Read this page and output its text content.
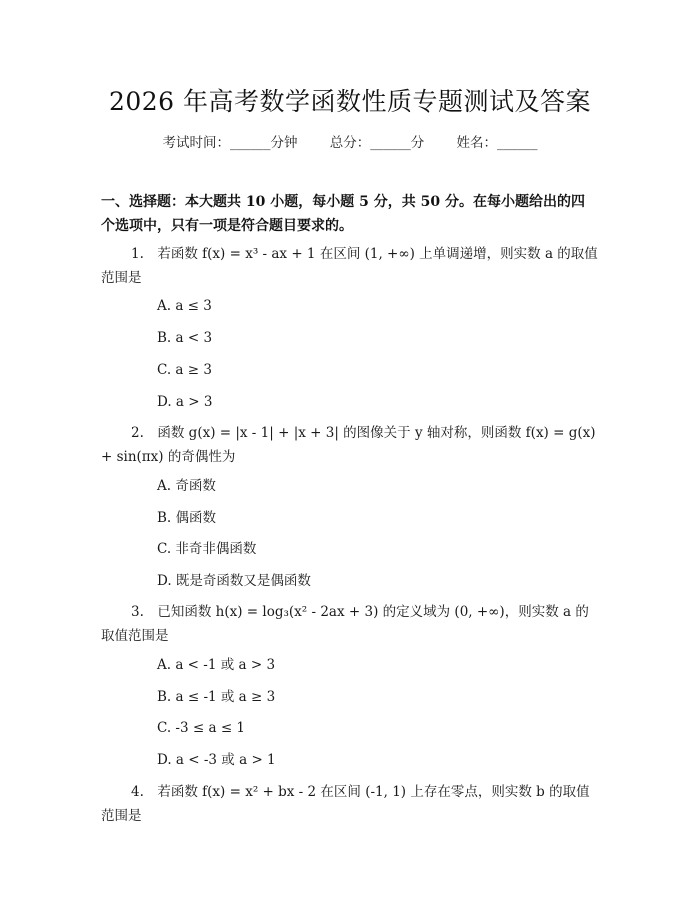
2026 年高考数学函数性质专题测试及答案
考试时间：______分钟 总分：______分 姓名：______
一、选择题：本大题共 10 小题，每小题 5 分，共 50 分。在每小题给出的四个选项中，只有一项是符合题目要求的。
1.　若函数 f(x) = x³ - ax + 1 在区间 (1, +∞) 上单调递增，则实数 a 的取值范围是
A. a ≤ 3
B. a < 3
C. a ≥ 3
D. a > 3
2.　函数 g(x) = |x - 1| + |x + 3| 的图像关于 y 轴对称，则函数 f(x) = g(x) + sin(πx) 的奇偶性为
A. 奇函数
B. 偶函数
C. 非奇非偶函数
D. 既是奇函数又是偶函数
3.　已知函数 h(x) = log₃(x² - 2ax + 3) 的定义域为 (0, +∞)，则实数 a 的取值范围是
A. a < -1 或 a > 3
B. a ≤ -1 或 a ≥ 3
C. -3 ≤ a ≤ 1
D. a < -3 或 a > 1
4.　若函数 f(x) = x² + bx - 2 在区间 (-1, 1) 上存在零点，则实数 b 的取值范围是
